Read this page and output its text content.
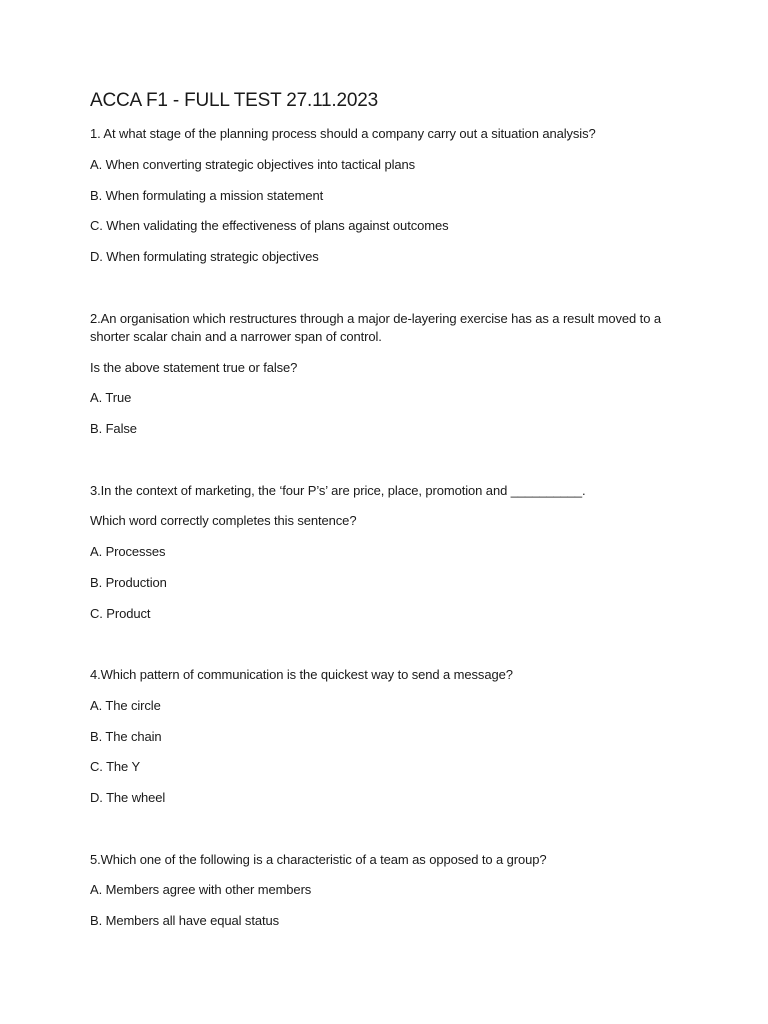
ACCA F1 - FULL TEST 27.11.2023
1. At what stage of the planning process should a company carry out a situation analysis?
A. When converting strategic objectives into tactical plans
B. When formulating a mission statement
C. When validating the effectiveness of plans against outcomes
D. When formulating strategic objectives
2.An organisation which restructures through a major de-layering exercise has as a result moved to a
shorter scalar chain and a narrower span of control.
Is the above statement true or false?
A. True
B. False
3.In the context of marketing, the ‘four P’s’ are price, place, promotion and __________.
Which word correctly completes this sentence?
A. Processes
B. Production
C. Product
4.Which pattern of communication is the quickest way to send a message?
A. The circle
B. The chain
C. The Y
D. The wheel
5.Which one of the following is a characteristic of a team as opposed to a group?
A. Members agree with other members
B. Members all have equal status
